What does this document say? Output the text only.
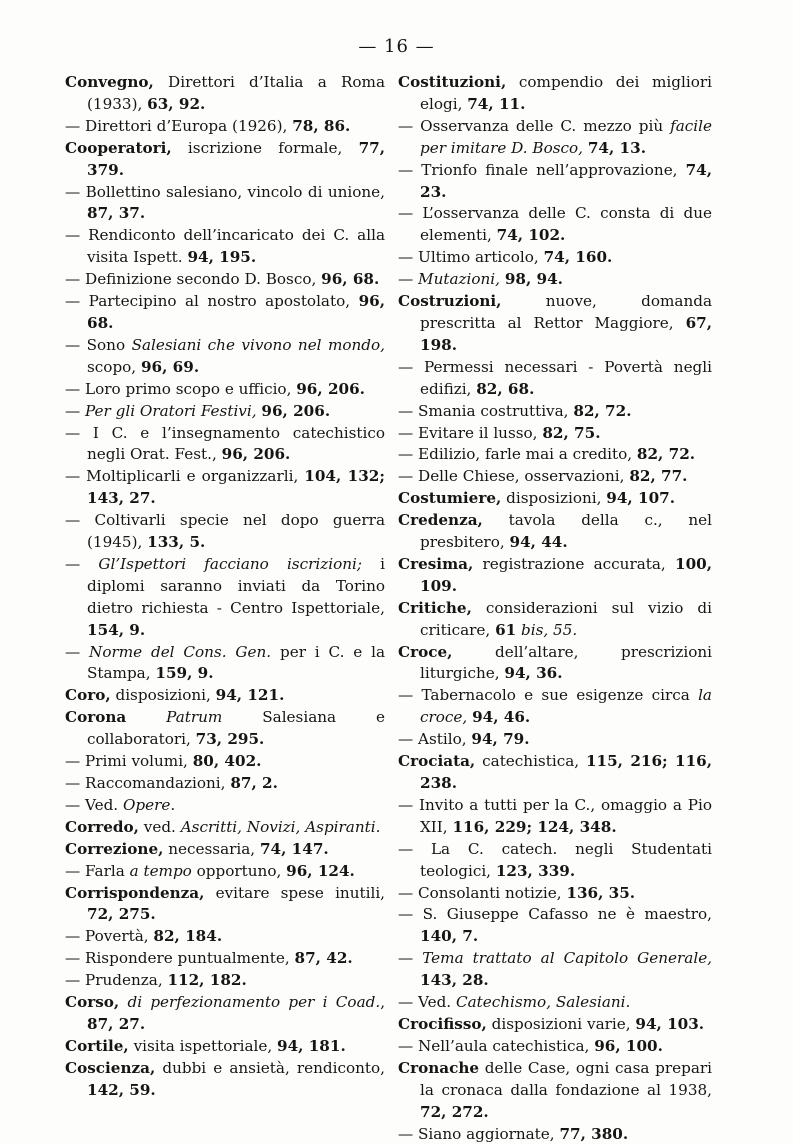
— 16 —

Convegno, Direttori d’Italia a Roma (1933), 63, 92.

— Direttori d’Europa (1926), 78, 86.

Cooperatori, iscrizione formale, 77, 379.

— Bollettino salesiano, vincolo di unione, 87, 37.

— Rendiconto dell’incaricato dei C. alla visita Ispett. 94, 195.

— Definizione secondo D. Bosco, 96, 68.

— Partecipino al nostro apostolato, 96, 68.

— Sono Salesiani che vivono nel mondo, scopo, 96, 69.

— Loro primo scopo e ufficio, 96, 206.

— Per gli Oratori Festivi, 96, 206.

— I C. e l’insegnamento catechistico negli Orat. Fest., 96, 206.

— Moltiplicarli e organizzarli, 104, 132; 143, 27.

— Coltivarli specie nel dopo guerra (1945), 133, 5.

— Gl’Ispettori facciano iscrizioni; i diplomi saranno inviati da Torino dietro richiesta - Centro Ispettoriale, 154, 9.

— Norme del Cons. Gen. per i C. e la Stampa, 159, 9.

Coro, disposizioni, 94, 121.

Corona	Patrum Salesiana e collaboratori, 73, 295.

— Primi volumi, 80, 402.

— Raccomandazioni, 87, 2.

— Ved. Opere.

Corredo, ved. Ascritti, Novizi, Aspiranti.

Correzione, necessaria, 74, 147.

— Farla a tempo opportuno, 96, 124.

Corrispondenza, evitare spese inutili, 72, 275.

— Povertà, 82, 184.

— Rispondere puntualmente, 87, 42.

— Prudenza, 112, 182.

Corso, di perfezionamento per i Coad., 87, 27.

Cortile, visita ispettoriale, 94, 181.

Coscienza, dubbi e ansietà, rendiconto, 142, 59.

Costituzioni, compendio dei migliori elogi, 74, 11.

— Osservanza delle C. mezzo più facile per imitare D. Bosco, 74, 13.

— Trionfo finale nell’approvazione, 74, 23.

— L’osservanza delle C. consta di due elementi, 74, 102.

— Ultimo articolo, 74, 160.

— Mutazioni, 98, 94.

Costruzioni,	nuove, domanda prescritta al Rettor Maggiore, 67, 198.

— Permessi necessari - Povertà negli edifizi, 82, 68.

— Smania costruttiva, 82, 72.

— Evitare il lusso, 82, 75.

— Edilizio, farle mai a credito, 82, 72.

— Delle Chiese, osservazioni, 82, 77.

Costumiere, disposizioni, 94, 107.

Credenza, tavola della c., nel presbitero, 94, 44.

Cresima, registrazione accurata, 100, 109.

Critiche, considerazioni sul vizio di criticare, 61 bis, 55.

Croce,	dell’altare, prescrizioni liturgiche, 94, 36.

— Tabernacolo e sue esigenze circa la croce, 94, 46.

— Astilo, 94, 79.

Crociata, catechistica, 115, 216; 116, 238.

— Invito a tutti per la C., omaggio a Pio XII, 116, 229; 124, 348.

— La C. catech. negli Studentati teologici, 123, 339.

— Consolanti notizie, 136, 35.

— S. Giuseppe Cafasso ne è maestro, 140, 7.

— Tema trattato al Capitolo Generale, 143, 28.

— Ved. Catechismo, Salesiani.

Crocifisso, disposizioni varie, 94, 103.

— Nell’aula catechistica, 96, 100.

Cronache delle Case, ogni casa prepari la cronaca dalla fondazione al 1938, 72, 272.

— Siano aggiornate, 77, 380.
